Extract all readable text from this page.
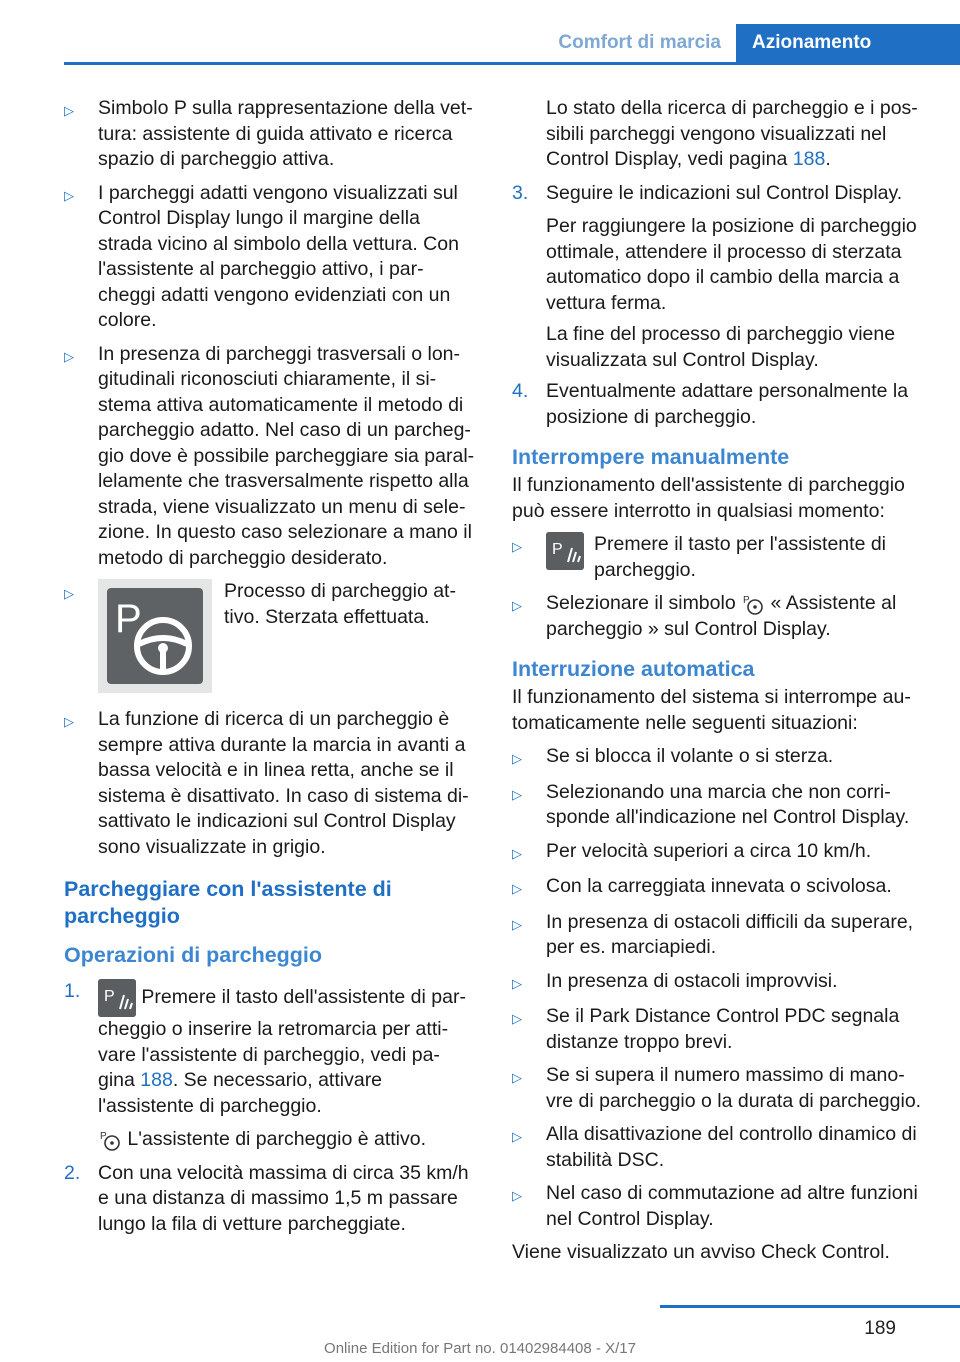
Comfort di marcia Azionamento
▷	Simbolo P sulla rappresentazione della vet-tura: assistente di guida attivato e ricerca spazio di parcheggio attiva.
▷	I parcheggi adatti vengono visualizzati sul Control Display lungo il margine della strada vicino al simbolo della vettura. Con l'assistente al parcheggio attivo, i par-cheggi adatti vengono evidenziati con un colore.
▷	In presenza di parcheggi trasversali o lon-gitudinali riconosciuti chiaramente, il si-stema attiva automaticamente il metodo di parcheggio adatto. Nel caso di un parcheg-gio dove è possibile parcheggiare sia paral-lelamente che trasversalmente rispetto alla strada, viene visualizzato un menu di sele-zione. In questo caso selezionare a mano il metodo di parcheggio desiderato.
▷
P
Processo di parcheggio at-tivo. Sterzata effettuata.
▷	La funzione di ricerca di un parcheggio è sempre attiva durante la marcia in avanti a bassa velocità e in linea retta, anche se il sistema è disattivato. In caso di sistema di-sattivato le indicazioni sul Control Display sono visualizzate in grigio.
Parcheggiare con l'assistente di parcheggio
Operazioni di parcheggio
1.	P Premere il tasto dell'assistente di par-cheggio o inserire la retromarcia per atti-vare l'assistente di parcheggio, vedi pa-gina 188. Se necessario, attivare l'assistente di parcheggio.
P L'assistente di parcheggio è attivo.
2. Con una velocità massima di circa 35 km/h e una distanza di massimo 1,5 m passare lungo la fila di vetture parcheggiate.
Lo stato della ricerca di parcheggio e i pos-sibili parcheggi vengono visualizzati nel Control Display, vedi pagina 188.
3. Seguire le indicazioni sul Control Display.
Per raggiungere la posizione di parcheggio ottimale, attendere il processo di sterzata automatico dopo il cambio della marcia a vettura ferma.
La fine del processo di parcheggio viene visualizzata sul Control Display.
4. Eventualmente adattare personalmente la posizione di parcheggio.
Interrompere manualmente
Il funzionamento dell'assistente di parcheggio può essere interrotto in qualsiasi momento:
▷	P Premere il tasto per l'assistente di parcheggio.
▷	Selezionare il simbolo P « Assistente al parcheggio » sul Control Display.
Interruzione automatica
Il funzionamento del sistema si interrompe au-tomaticamente nelle seguenti situazioni:
▷	Se si blocca il volante o si sterza.
▷	Selezionando una marcia che non corri-sponde all'indicazione nel Control Display.
▷	Per velocità superiori a circa 10 km/h.
▷	Con la carreggiata innevata o scivolosa.
▷	In presenza di ostacoli difficili da superare, per es. marciapiedi.
▷	In presenza di ostacoli improvvisi.
▷	Se il Park Distance Control PDC segnala distanze troppo brevi.
▷	Se si supera il numero massimo di mano-vre di parcheggio o la durata di parcheggio.
▷	Alla disattivazione del controllo dinamico di stabilità DSC.
▷	Nel caso di commutazione ad altre funzioni nel Control Display.
Viene visualizzato un avviso Check Control.
189
Online Edition for Part no. 01402984408 - X/17
